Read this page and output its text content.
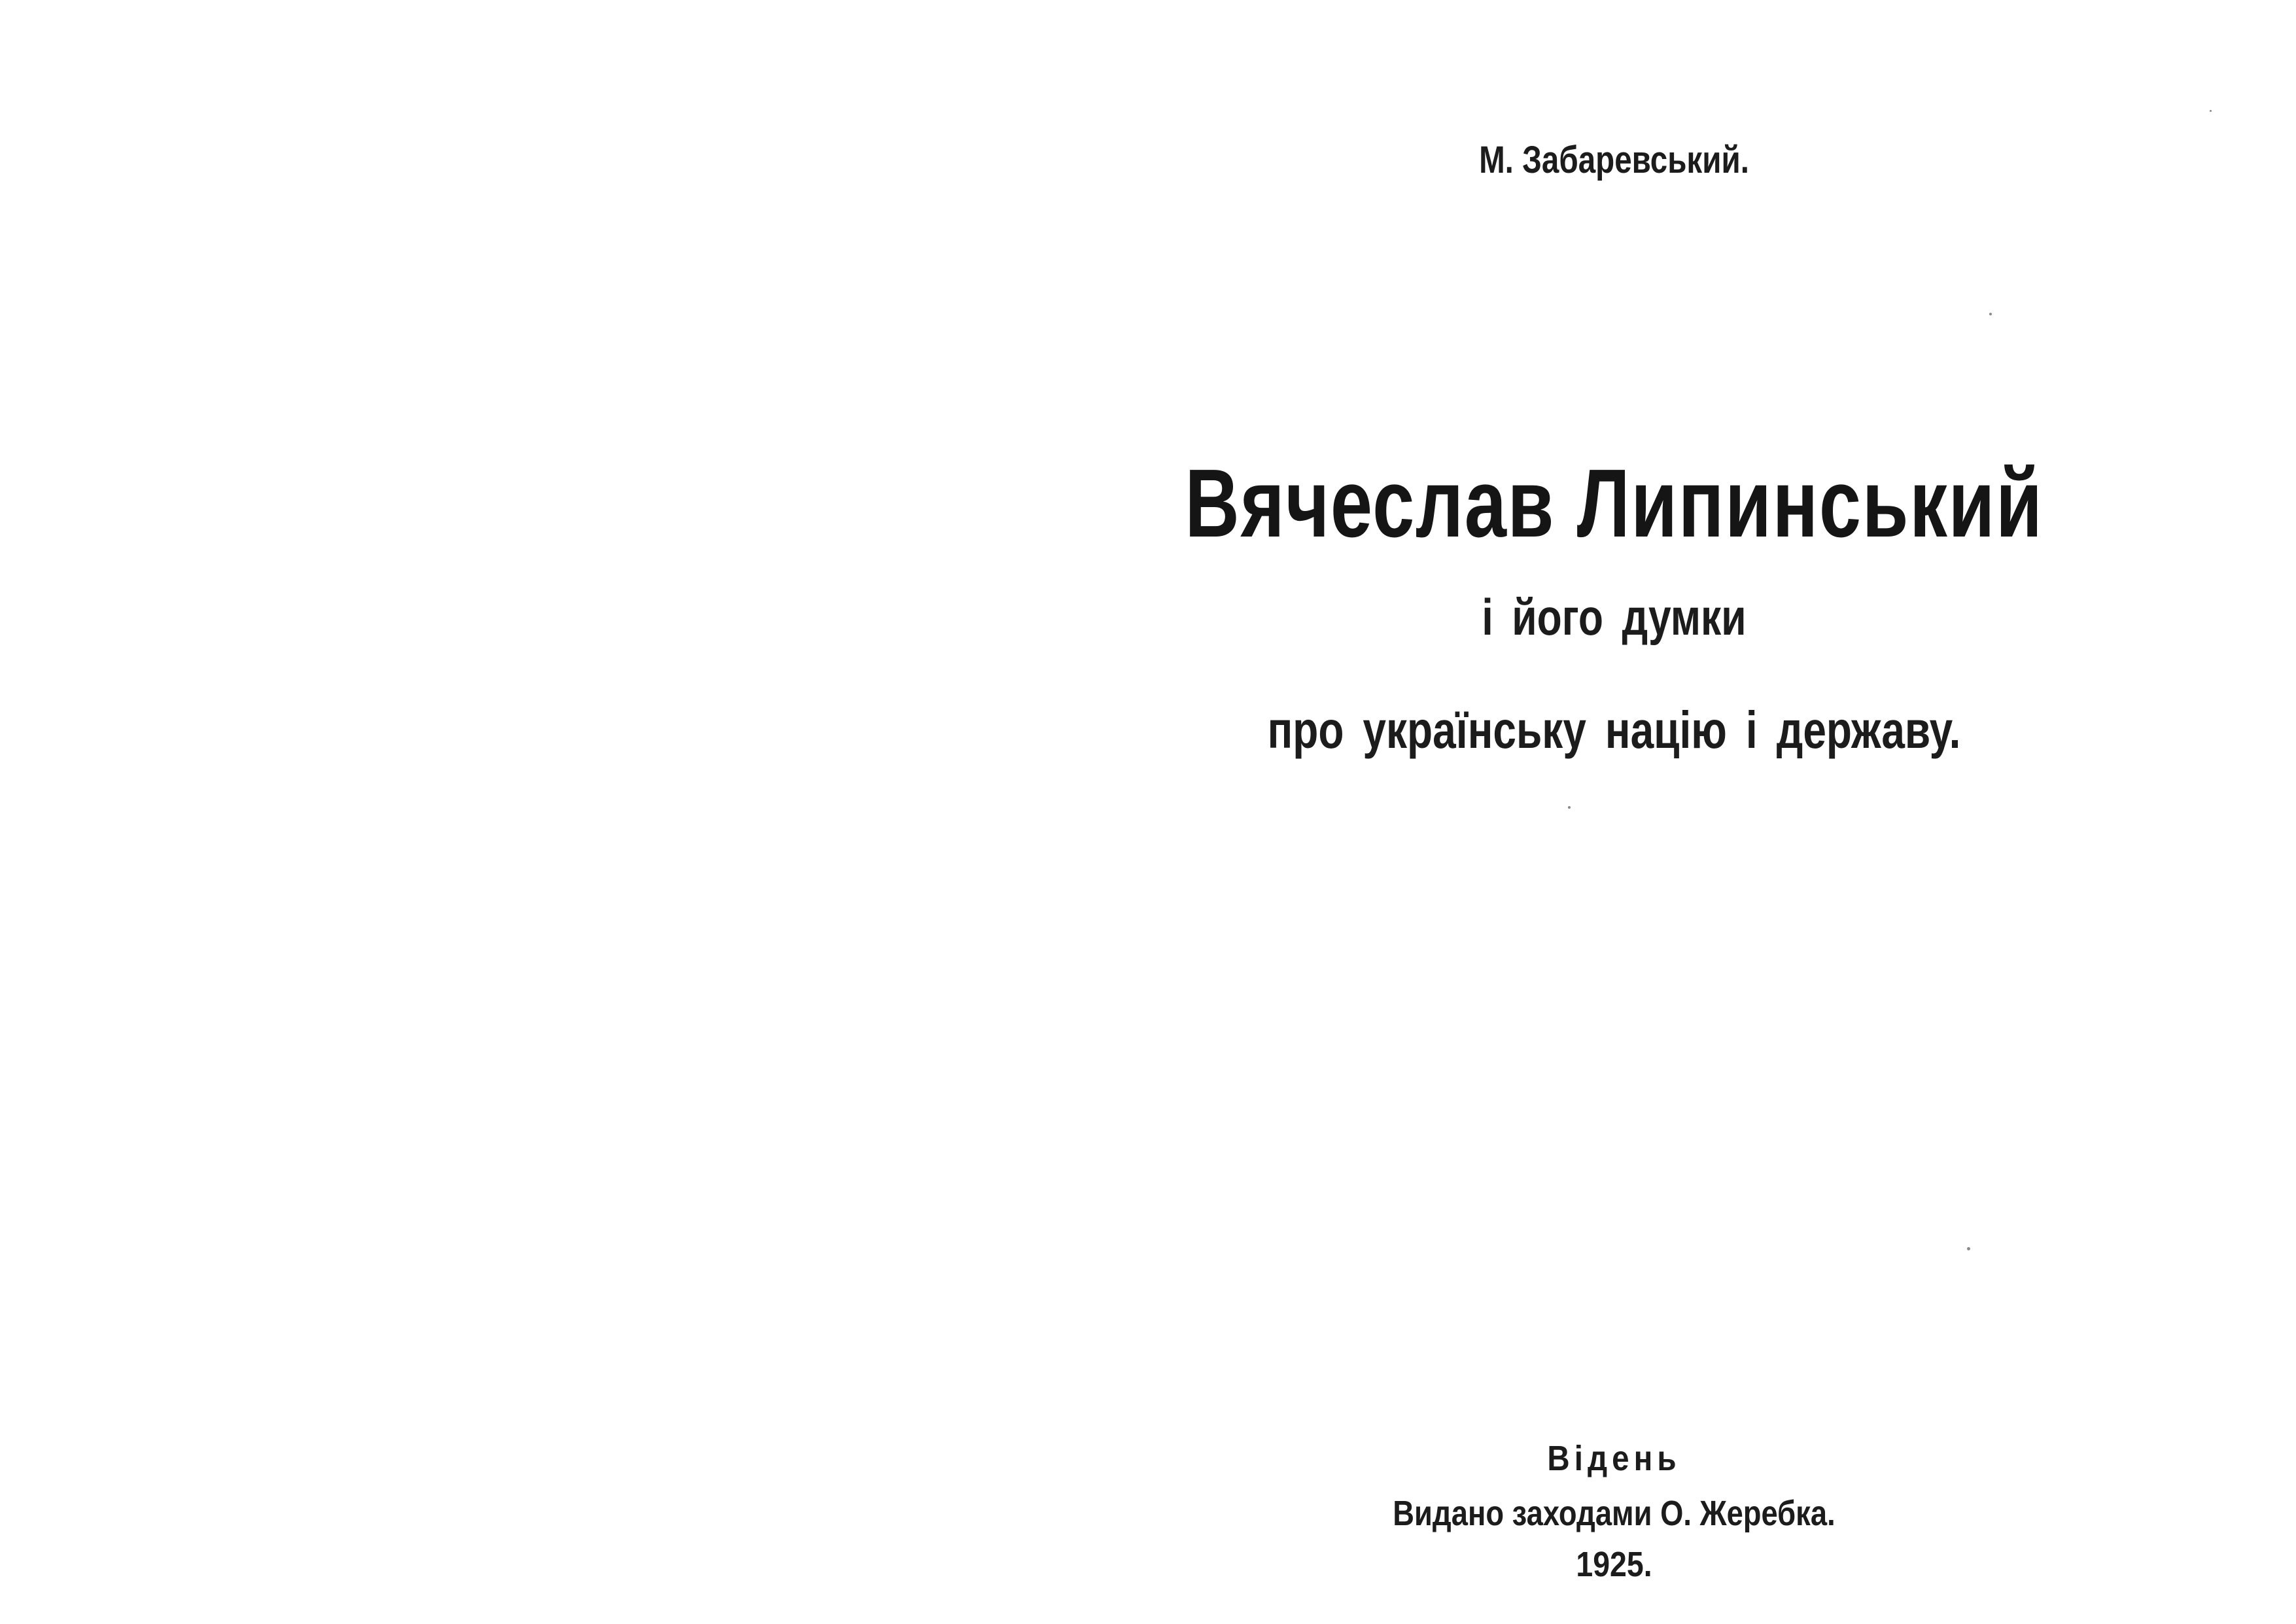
М. Забаревський.
Вячеслав Липинський
і його думки
про українську націю і державу.
Відень
Видано заходами О. Жеребка.
1925.
